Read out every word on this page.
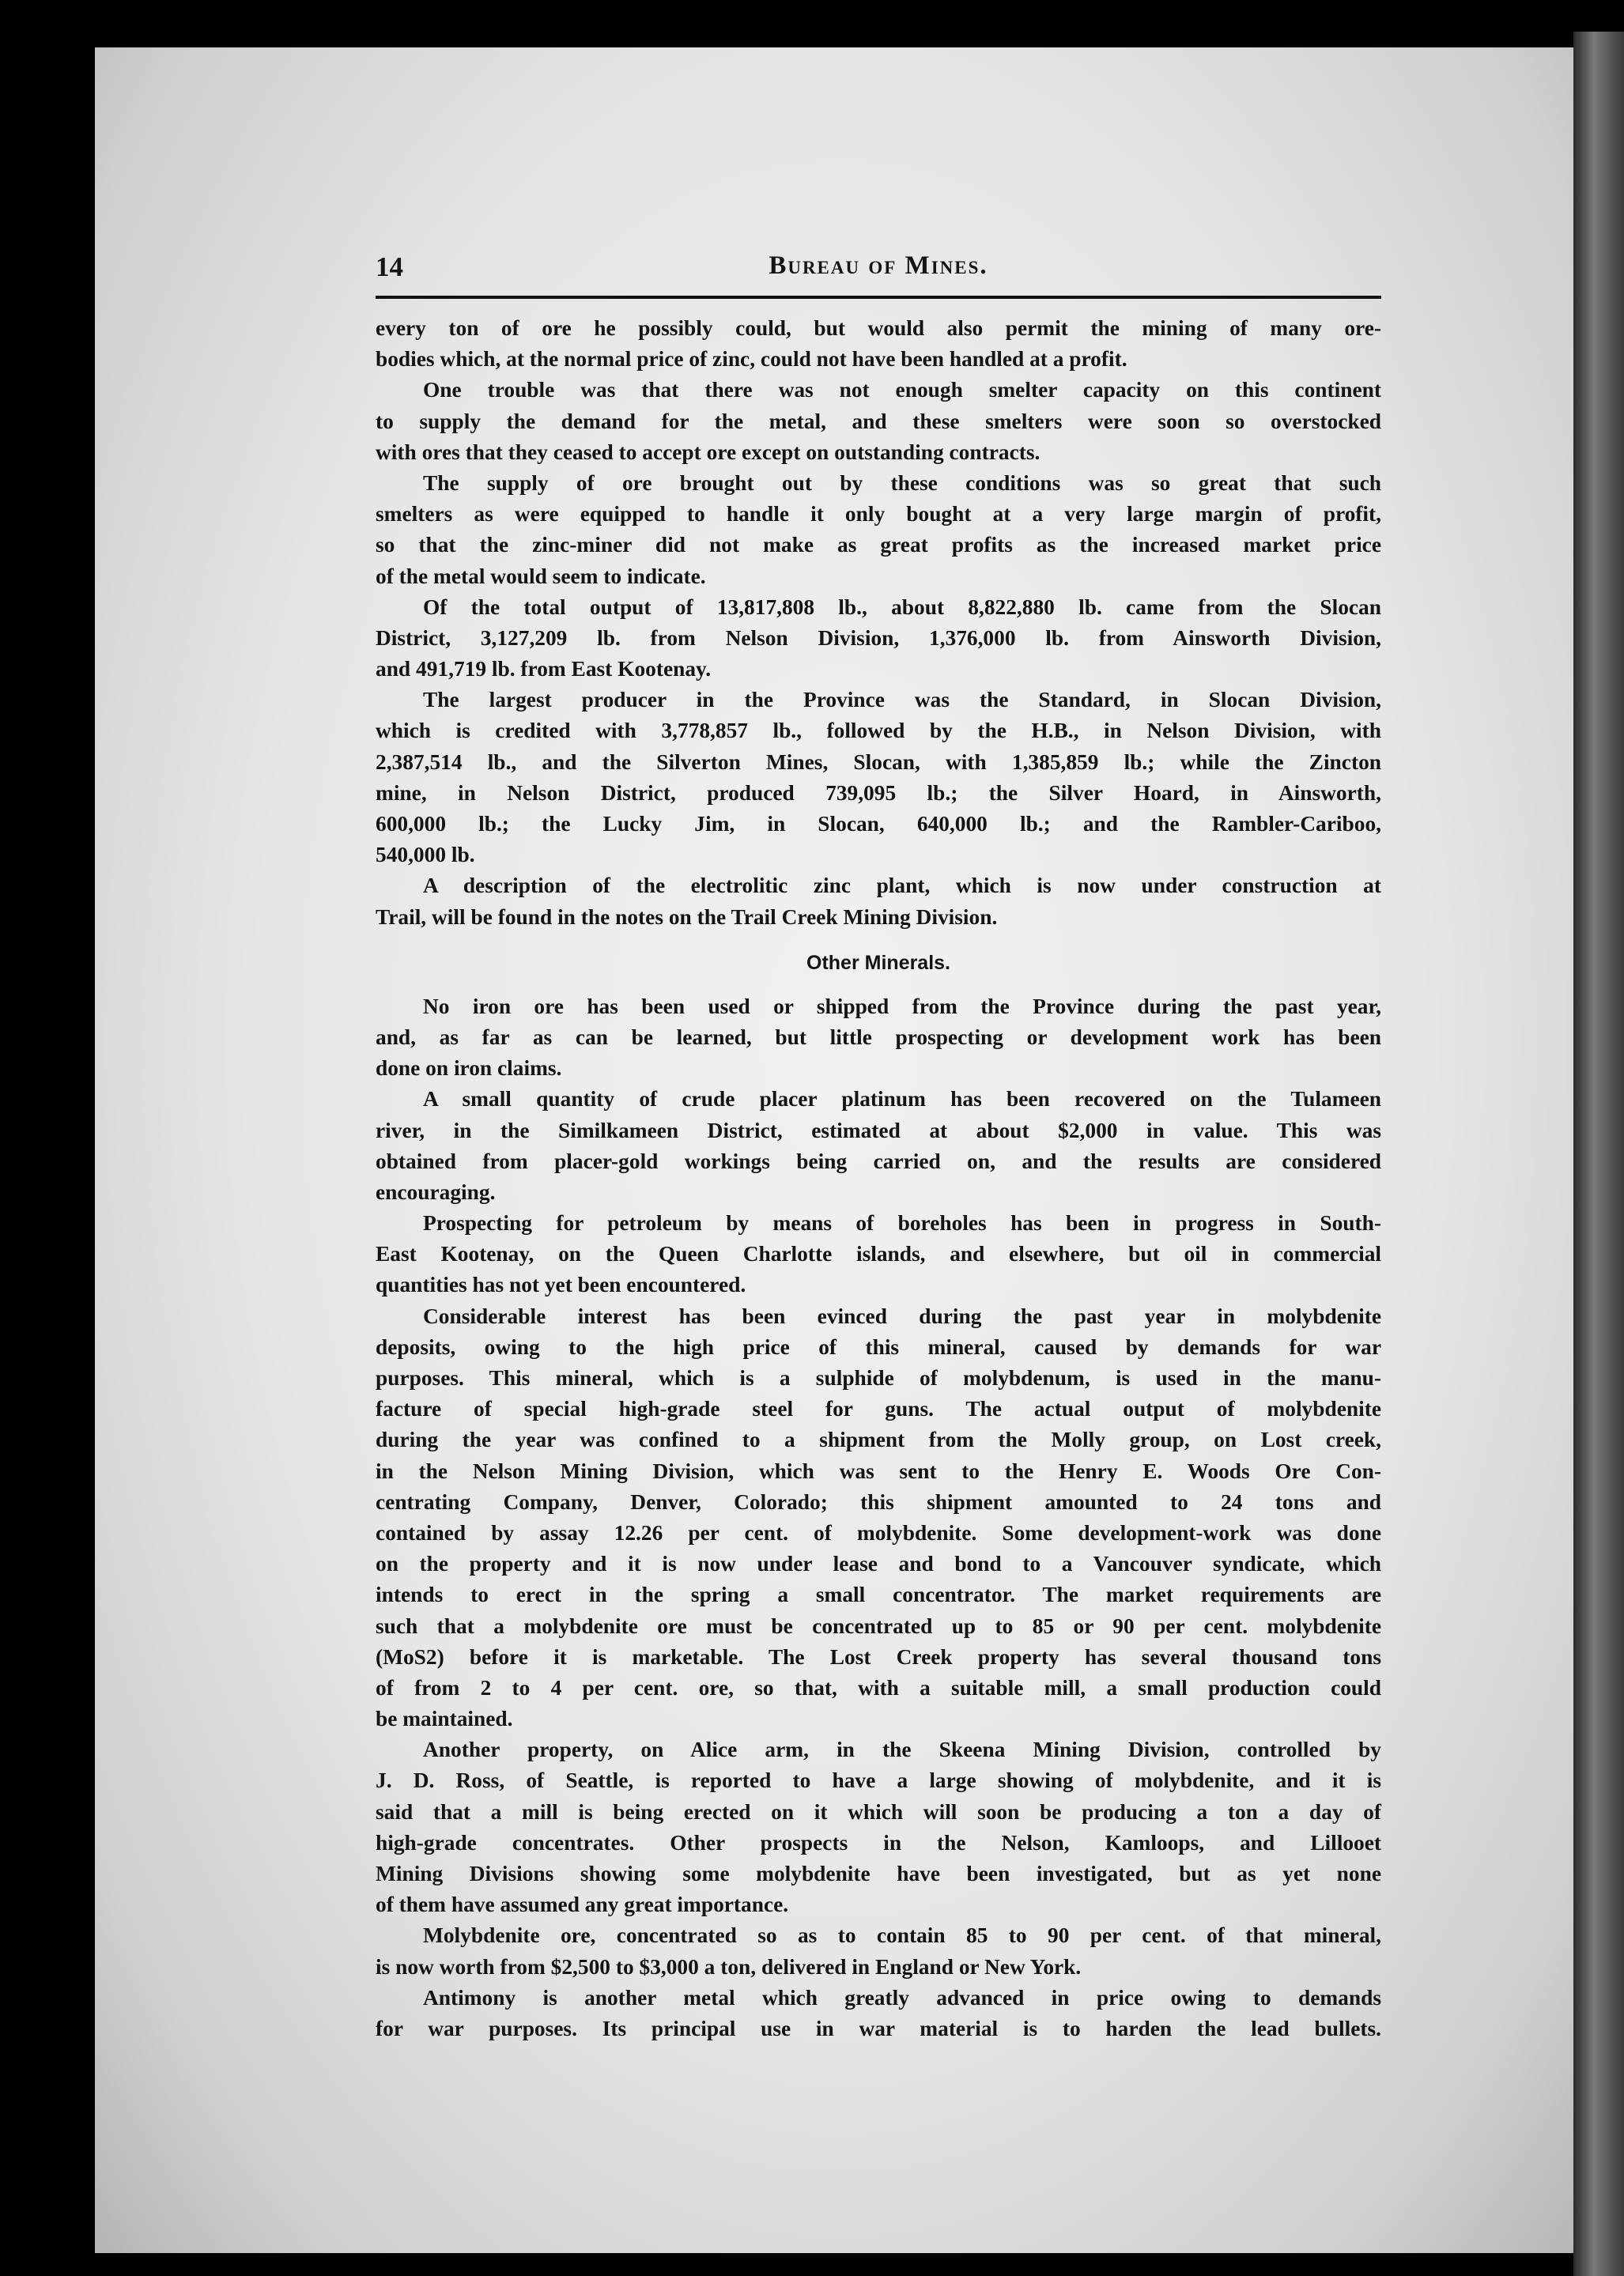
14	Bureau of Mines.
every ton of ore he possibly could, but would also permit the mining of many ore-
bodies which, at the normal price of zinc, could not have been handled at a profit.
One trouble was that there was not enough smelter capacity on this continent
to supply the demand for the metal, and these smelters were soon so overstocked
with ores that they ceased to accept ore except on outstanding contracts.
The supply of ore brought out by these conditions was so great that such
smelters as were equipped to handle it only bought at a very large margin of profit,
so that the zinc-miner did not make as great profits as the increased market price
of the metal would seem to indicate.
Of the total output of 13,817,808 lb., about 8,822,880 lb. came from the Slocan
District, 3,127,209 lb. from Nelson Division, 1,376,000 lb. from Ainsworth Division,
and 491,719 lb. from East Kootenay.
The largest producer in the Province was the Standard, in Slocan Division,
which is credited with 3,778,857 lb., followed by the H.B., in Nelson Division, with
2,387,514 lb., and the Silverton Mines, Slocan, with 1,385,859 lb.; while the Zincton
mine, in Nelson District, produced 739,095 lb.; the Silver Hoard, in Ainsworth,
600,000 lb.; the Lucky Jim, in Slocan, 640,000 lb.; and the Rambler-Cariboo,
540,000 lb.
A description of the electrolitic zinc plant, which is now under construction at
Trail, will be found in the notes on the Trail Creek Mining Division.
Other Minerals.
No iron ore has been used or shipped from the Province during the past year,
and, as far as can be learned, but little prospecting or development work has been
done on iron claims.
A small quantity of crude placer platinum has been recovered on the Tulameen
river, in the Similkameen District, estimated at about $2,000 in value. This was
obtained from placer-gold workings being carried on, and the results are considered
encouraging.
Prospecting for petroleum by means of boreholes has been in progress in South-
East Kootenay, on the Queen Charlotte islands, and elsewhere, but oil in commercial
quantities has not yet been encountered.
Considerable interest has been evinced during the past year in molybdenite
deposits, owing to the high price of this mineral, caused by demands for war
purposes. This mineral, which is a sulphide of molybdenum, is used in the manu-
facture of special high-grade steel for guns. The actual output of molybdenite
during the year was confined to a shipment from the Molly group, on Lost creek,
in the Nelson Mining Division, which was sent to the Henry E. Woods Ore Con-
centrating Company, Denver, Colorado; this shipment amounted to 24 tons and
contained by assay 12.26 per cent. of molybdenite. Some development-work was done
on the property and it is now under lease and bond to a Vancouver syndicate, which
intends to erect in the spring a small concentrator. The market requirements are
such that a molybdenite ore must be concentrated up to 85 or 90 per cent. molybdenite
(MoS2) before it is marketable. The Lost Creek property has several thousand tons
of from 2 to 4 per cent. ore, so that, with a suitable mill, a small production could
be maintained.
Another property, on Alice arm, in the Skeena Mining Division, controlled by
J. D. Ross, of Seattle, is reported to have a large showing of molybdenite, and it is
said that a mill is being erected on it which will soon be producing a ton a day of
high-grade concentrates. Other prospects in the Nelson, Kamloops, and Lillooet
Mining Divisions showing some molybdenite have been investigated, but as yet none
of them have assumed any great importance.
Molybdenite ore, concentrated so as to contain 85 to 90 per cent. of that mineral,
is now worth from $2,500 to $3,000 a ton, delivered in England or New York.
Antimony is another metal which greatly advanced in price owing to demands
for war purposes. Its principal use in war material is to harden the lead bullets.
